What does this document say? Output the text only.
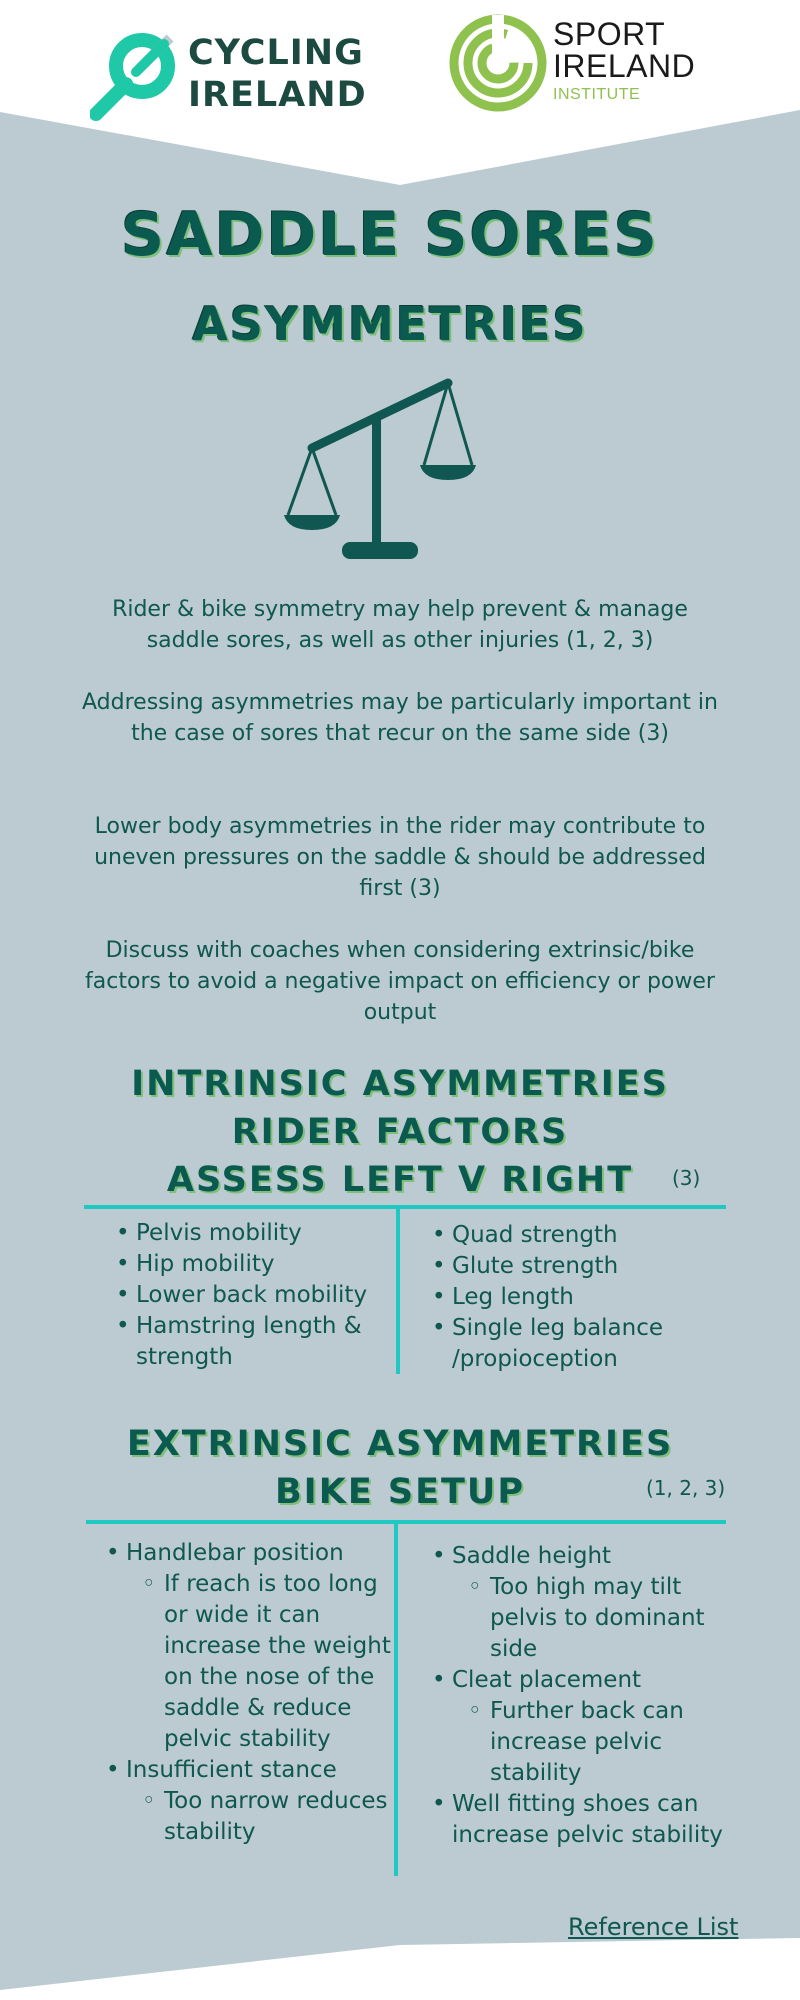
CYCLING
IRELAND
SPORT
IRELAND
INSTITUTE
SADDLE SORES
ASYMMETRIES

Rider & bike symmetry may help prevent & manage saddle sores, as well as other injuries (1, 2, 3)

Addressing asymmetries may be particularly important in the case of sores that recur on the same side (3)

Lower body asymmetries in the rider may contribute to uneven pressures on the saddle & should be addressed first (3)

Discuss with coaches when considering extrinsic/bike factors to avoid a negative impact on efficiency or power output

INTRINSIC ASYMMETRIES
RIDER FACTORS
ASSESS LEFT V RIGHT	(3)
• Pelvis mobility
• Hip mobility
• Lower back mobility
• Hamstring length & strength
• Quad strength
• Glute strength
• Leg length
• Single leg balance /propioception
EXTRINSIC ASYMMETRIES
BIKE SETUP	(1, 2, 3)
• Handlebar position
◦ If reach is too long or wide it can increase the weight on the nose of the saddle & reduce pelvic stability
• Insufficient stance
◦ Too narrow reduces stability
• Saddle height
◦ Too high may tilt pelvis to dominant side
• Cleat placement
◦ Further back can increase pelvic stability
• Well fitting shoes can increase pelvic stability
Reference List
